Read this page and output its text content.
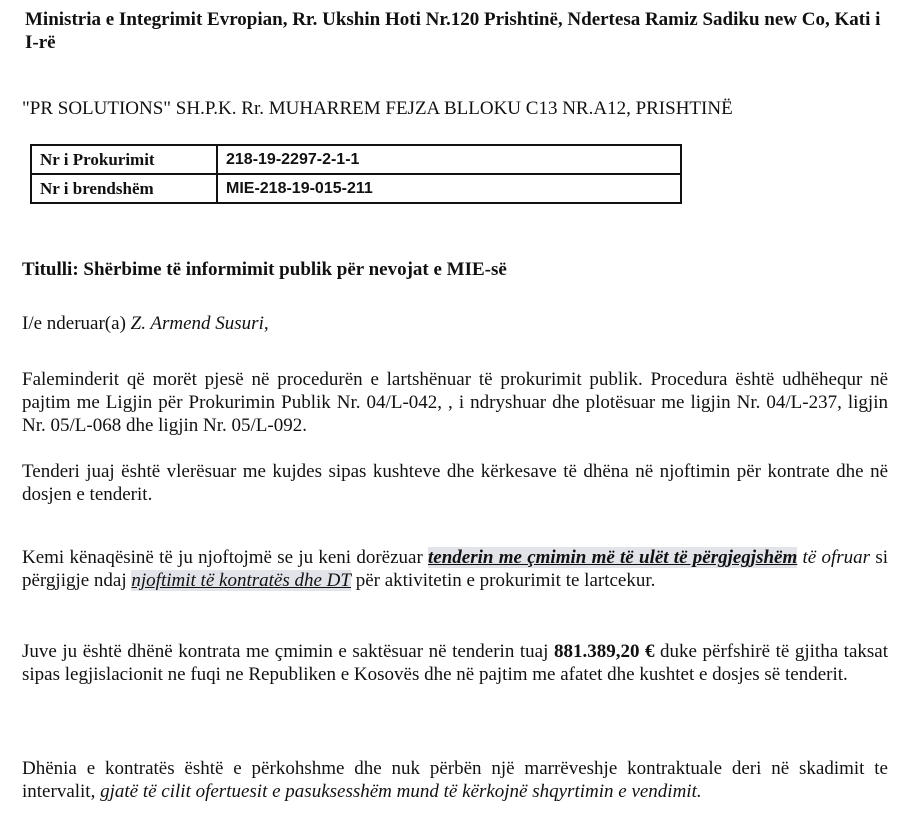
Ministria e Integrimit Evropian, Rr. Ukshin Hoti Nr.120 Prishtinë, Ndertesa Ramiz Sadiku new Co, Kati i I-rë
"PR SOLUTIONS" SH.P.K. Rr. MUHARREM FEJZA BLLOKU C13 NR.A12, PRISHTINË
Nr i Prokurimit	218-19-2297-2-1-1
Nr i brendshëm	MIE-218-19-015-211
Titulli: Shërbime të informimit publik për nevojat e MIE-së
I/e nderuar(a) Z. Armend Susuri,
Faleminderit që morët pjesë në procedurën e lartshënuar të prokurimit publik. Procedura është udhëhequr në pajtim me Ligjin për Prokurimin Publik Nr. 04/L-042, , i ndryshuar dhe plotësuar me ligjin Nr. 04/L-237, ligjin Nr. 05/L-068 dhe ligjin Nr. 05/L-092.
Tenderi juaj është vlerësuar me kujdes sipas kushteve dhe kërkesave të dhëna në njoftimin për kontrate dhe në dosjen e tenderit.
Kemi kënaqësinë të ju njoftojmë se ju keni dorëzuar tenderin me çmimin më të ulët të përgjegjshëm të ofruar si përgjigje ndaj njoftimit të kontratës dhe DT për aktivitetin e prokurimit te lartcekur.
Juve ju është dhënë kontrata me çmimin e saktësuar në tenderin tuaj 881.389,20 € duke përfshirë të gjitha taksat sipas legjislacionit ne fuqi ne Republiken e Kosovës dhe në pajtim me afatet dhe kushtet e dosjes së tenderit.
Dhënia e kontratës është e përkohshme dhe nuk përbën një marrëveshje kontraktuale deri në skadimit te intervalit, gjatë të cilit ofertuesit e pasuksesshëm mund të kërkojnë shqyrtimin e vendimit.
